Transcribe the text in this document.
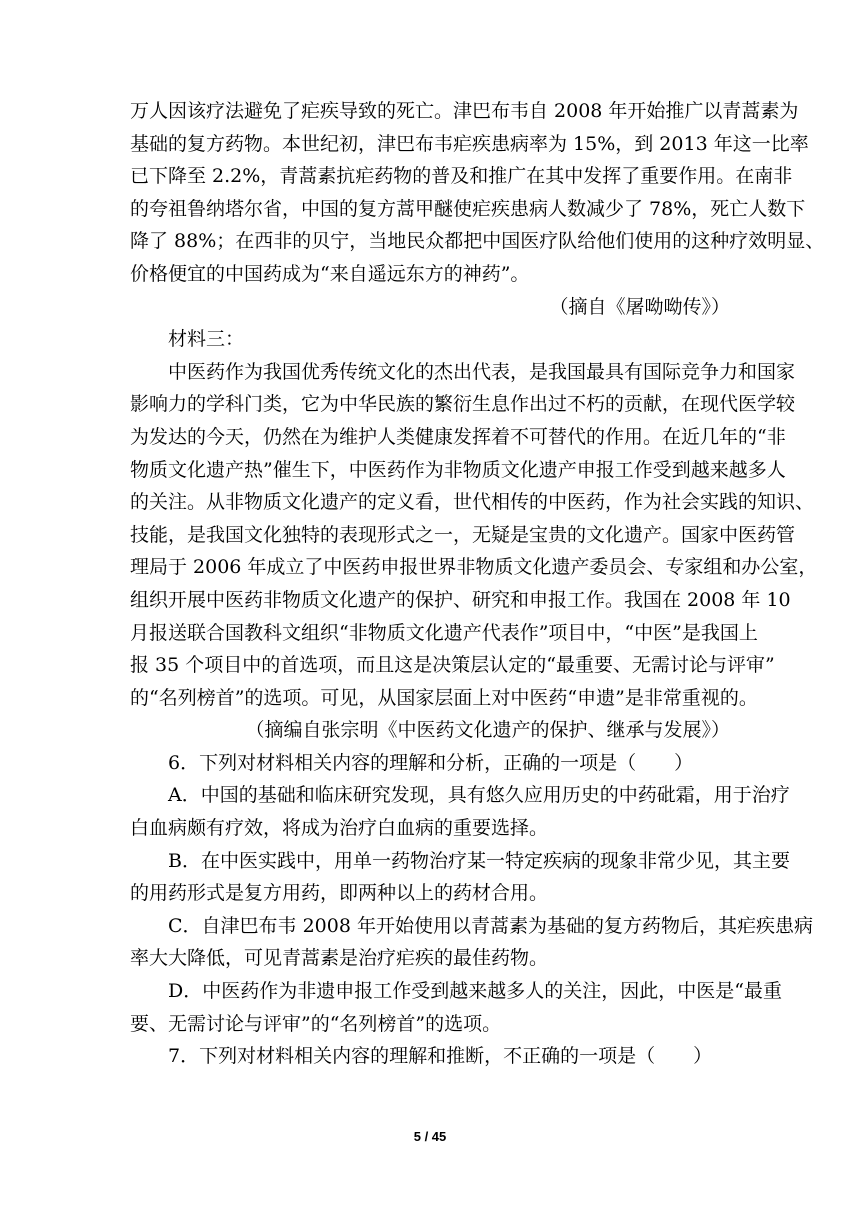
万人因该疗法避免了疟疾导致的死亡。津巴布韦自 2008 年开始推广以青蒿素为
基础的复方药物。本世纪初，津巴布韦疟疾患病率为 15%，到 2013 年这一比率
已下降至 2.2%，青蒿素抗疟药物的普及和推广在其中发挥了重要作用。在南非
的夸祖鲁纳塔尔省，中国的复方蒿甲醚使疟疾患病人数减少了 78%，死亡人数下
降了 88%；在西非的贝宁，当地民众都把中国医疗队给他们使用的这种疗效明显、
价格便宜的中国药成为“来自遥远东方的神药”。
（摘自《屠呦呦传》）
材料三：
中医药作为我国优秀传统文化的杰出代表，是我国最具有国际竞争力和国家
影响力的学科门类，它为中华民族的繁衍生息作出过不朽的贡献，在现代医学较
为发达的今天，仍然在为维护人类健康发挥着不可替代的作用。在近几年的“非
物质文化遗产热”催生下，中医药作为非物质文化遗产申报工作受到越来越多人
的关注。从非物质文化遗产的定义看，世代相传的中医药，作为社会实践的知识、
技能，是我国文化独特的表现形式之一，无疑是宝贵的文化遗产。国家中医药管
理局于 2006 年成立了中医药申报世界非物质文化遗产委员会、专家组和办公室，
组织开展中医药非物质文化遗产的保护、研究和申报工作。我国在 2008 年 10
月报送联合国教科文组织“非物质文化遗产代表作”项目中，“中医”是我国上
报 35 个项目中的首选项，而且这是决策层认定的“最重要、无需讨论与评审”
的“名列榜首”的选项。可见，从国家层面上对中医药“申遗”是非常重视的。
（摘编自张宗明《中医药文化遗产的保护、继承与发展》）
6．下列对材料相关内容的理解和分析，正确的一项是（　　）
A．中国的基础和临床研究发现，具有悠久应用历史的中药砒霜，用于治疗
白血病颇有疗效，将成为治疗白血病的重要选择。
B．在中医实践中，用单一药物治疗某一特定疾病的现象非常少见，其主要
的用药形式是复方用药，即两种以上的药材合用。
C．自津巴布韦 2008 年开始使用以青蒿素为基础的复方药物后，其疟疾患病
率大大降低，可见青蒿素是治疗疟疾的最佳药物。
D．中医药作为非遗申报工作受到越来越多人的关注，因此，中医是“最重
要、无需讨论与评审”的“名列榜首”的选项。
7．下列对材料相关内容的理解和推断，不正确的一项是（　　）
5 / 45
